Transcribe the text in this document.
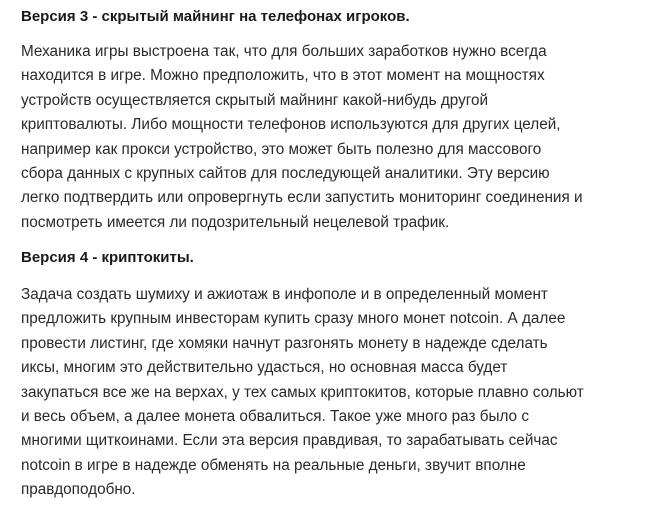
Версия 3 - скрытый майнинг на телефонах игроков.

Механика игры выстроена так, что для больших заработков нужно всегда
находится в игре. Можно предположить, что в этот момент на мощностях
устройств осуществляется скрытый майнинг какой-нибудь другой
криптовалюты. Либо мощности телефонов используются для других целей,
например как прокси устройство, это может быть полезно для массового
сбора данных с крупных сайтов для последующей аналитики. Эту версию
легко подтвердить или опровергнуть если запустить мониторинг соединения и
посмотреть имеется ли подозрительный нецелевой трафик.

Версия 4 - криптокиты.

Задача создать шумиху и ажиотаж в инфополе и в определенный момент
предложить крупным инвесторам купить сразу много монет notcoin. А далее
провести листинг, где хомяки начнут разгонять монету в надежде сделать
иксы, многим это действительно удасться, но основная масса будет
закупаться все же на верхах, у тех самых криптокитов, которые плавно сольют
и весь объем, а далее монета обвалиться. Такое уже много раз было с
многими щиткоинами. Если эта версия правдивая, то зарабатывать сейчас
notcoin в игре в надежде обменять на реальные деньги, звучит вполне
правдоподобно.
